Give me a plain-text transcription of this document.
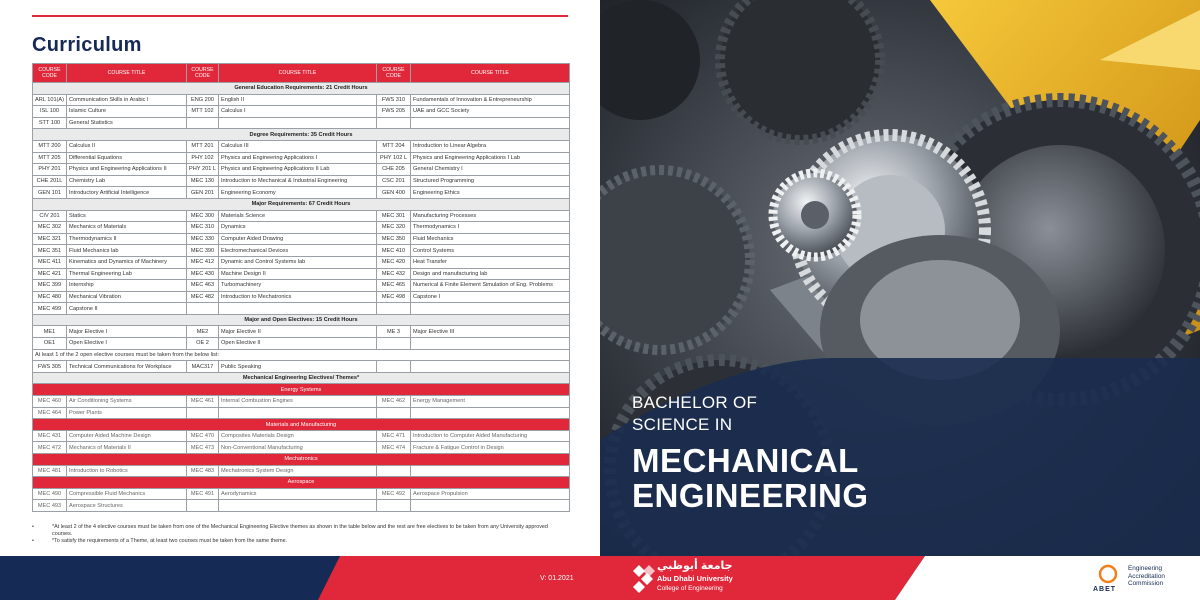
Curriculum
COURSE CODE	COURSE TITLE	COURSE CODE	COURSE TITLE	COURSE CODE	COURSE TITLE
General Education Requirements: 21 Credit Hours					
ARL 101(A)	Communication Skills in Arabic I	ENG 200	English II	FWS 310	Fundamentals of Innovation & Entrepreneurship
ISL 100	Islamic Culture	MTT 102	Calculus I	FWS 205	UAE and GCC Society
STT 100	General Statistics				
Degree Requirements: 35 Credit Hours					
MTT 200	Calculus II	MTT 201	Calculus III	MTT 204	Introduction to Linear Algebra
MTT 205	Differential Equations	PHY 102	Physics and Engineering Applications I	PHY 102 L	Physics and Engineering Applications I Lab
PHY 201	Physics and Engineering Applications II	PHY 201 L	Physics and Engineering Applications II Lab	CHE 205	General Chemistry I
CHE 201L	Chemistry Lab	MEC 130	Introduction to Mechanical & Industrial Engineering	CSC 201	Structured Programming
GEN 101	Introductory Artificial Intelligence	GEN 201	Engineering Economy	GEN 400	Engineering Ethics
Major Requirements: 67 Credit Hours					
CIV 201	Statics	MEC 300	Materials Science	MEC 301	Manufacturing Processes
MEC 302	Mechanics of Materials	MEC 310	Dynamics	MEC 320	Thermodynamics I
MEC 321	Thermodynamics II	MEC 330	Computer Aided Drawing	MEC 350	Fluid Mechanics
MEC 351	Fluid Mechanics lab	MEC 390	Electromechanical Devices	MEC 410	Control Systems
MEC 411	Kinematics and Dynamics of Machinery	MEC 412	Dynamic and Control Systems lab	MEC 420	Heat Transfer
MEC 421	Thermal Engineering Lab	MEC 430	Machine Design II	MEC 432	Design and manufacturing lab
MEC 399	Internship	MEC 463	Turbomachinery	MEC 465	Numerical & Finite Element Simulation of Eng. Problems
MEC 480	Mechanical Vibration	MEC 482	Introduction to Mechatronics	MEC 498	Capstone I
MEC 499	Capstone II				
Major and Open Electives: 15 Credit Hours					
ME1	Major Elective I	ME2	Major Elective II	ME 3	Major Elective III
OE1	Open Elective I	OE 2	Open Elective II		
At least 1 of the 2 open elective courses must be taken from the below list:					
FWS 305	Technical Communications for Workplace	MAC317	Public Speaking		
Mechanical Engineering Electives/ Themes*					
Energy Systems					
MEC 460	Air Conditioning Systems	MEC 461	Internal Combustion Engines	MEC 462	Energy Management
MEC 464	Power Plants				
Materials and Manufacturing					
MEC 431	Computer Aided Machine Design	MEC 470	Composites Materials Design	MEC 471	Introduction to Computer Aided Manufacturing
MEC 472	Mechanics of Materials II	MEC 473	Non-Conventional Manufacturing	MEC 474	Fracture & Fatigue Control in Design
Mechatronics					
MEC 481	Introduction to Robotics	MEC 483	Mechatronics System Design		
Aerospace					
MEC 490	Compressible Fluid Mechanics	MEC 491	Aerodynamics	MEC 492	Aerospace Propulsion
MEC 493	Aerospace Structures				
• *At least 2 of the 4 elective courses must be taken from one of the Mechanical Engineering Elective themes as shown in the table below and the rest are free electives to be taken from any University approved courses.
• *To satisfy the requirements of a Theme, at least two courses must be taken from the same theme.
BACHELOR OF
SCIENCE IN
MECHANICAL
ENGINEERING
V: 01.2021
جامعة أبوظبي
Abu Dhabi University
College of Engineering	ABET
Engineering
Accreditation
Commission
